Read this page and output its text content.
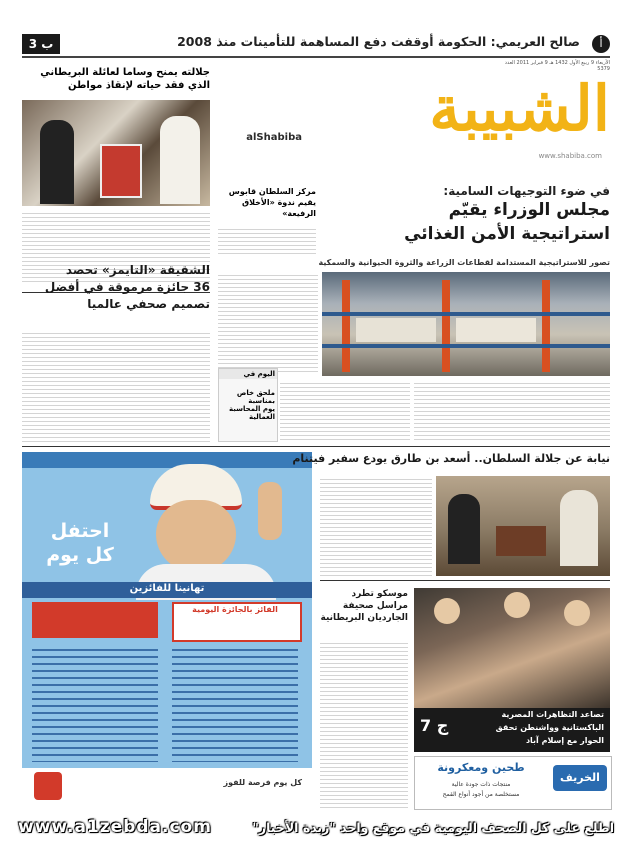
ب 3	صالح العريمي: الحكومة أوقفت دفع المساهمة للتأمينات منذ 2008	أ
الشبيبة
alShabiba
www.shabiba.com
الأربعاء 9 ربيع الأول 1432 هـ 9 فبراير 2011 العدد 5379
جلالته يمنح وساما لعائلة البريطاني الذي فقد حياته لإنقاذ مواطن
مركز السلطان قابوس يقيم ندوة «الأخلاق الرفيعة»
في ضوء التوجيهات السامية:
مجلس الوزراء يقيّم
استراتيجية الأمن الغذائي
تصور للاستراتيجية المستدامة لقطاعات الزراعة والثروة الحيوانية والسمكية
الشقيقة «التايمز» تحصد
36 جائزة مرموقة في أفضل
تصميم صحفي عالميا
اليوم في
ملحق خاص
بمناسبة
يوم المحاسبة
العمالية
احتفل
كل يوم
تهانينا للفائزين
الفائز بالجائزة اليومية
كل يوم فرصة للفوز
نيابة عن جلالة السلطان.. أسعد بن طارق يودع سفير فيتنام
موسكو تطرد
مراسل صحيفة
الجارديان البريطانية
ج 7
تصاعد التظاهرات المصرية
الباكستانية وواشنطن تحقق
الحوار مع إسلام آباد
الخريف
طحين ومعكرونة
منتجات ذات جودة عالية
مستخلصة من أجود أنواع القمح
www.a1zebda.com	اطلع على كل الصحف اليومية في موقع واحد "زبدة الأخبار"
